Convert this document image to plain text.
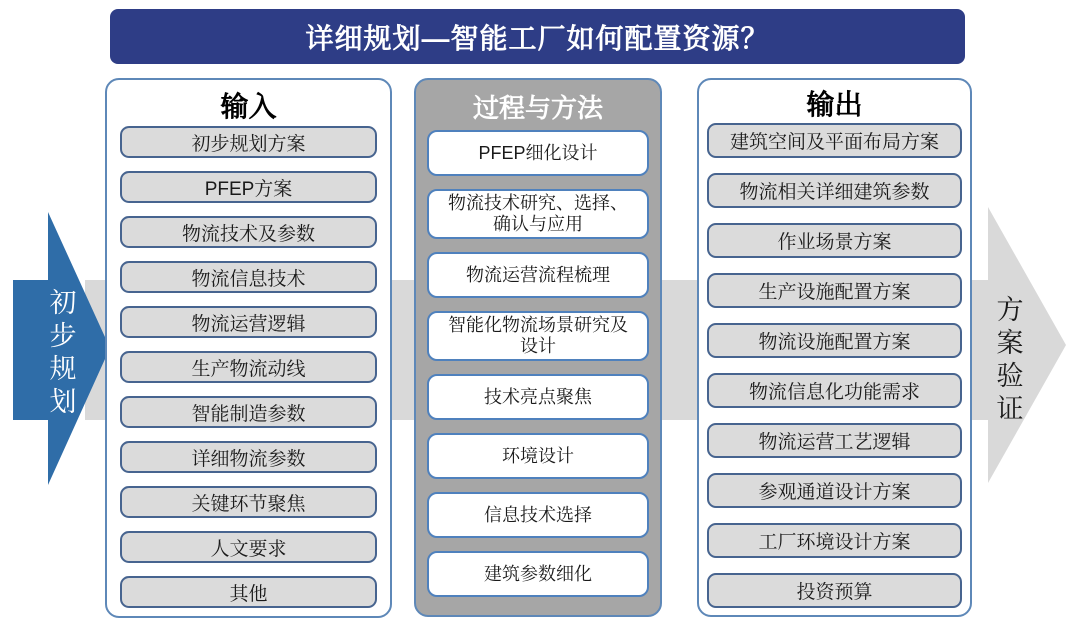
初步规划
方案验证
详细规划—智能工厂如何配置资源？
输入
初步规划方案
PFEP方案
物流技术及参数
物流信息技术
物流运营逻辑
生产物流动线
智能制造参数
详细物流参数
关键环节聚焦
人文要求
其他
过程与方法
PFEP细化设计
物流技术研究、选择、确认与应用
物流运营流程梳理
智能化物流场景研究及设计
技术亮点聚焦
环境设计
信息技术选择
建筑参数细化
输出
建筑空间及平面布局方案
物流相关详细建筑参数
作业场景方案
生产设施配置方案
物流设施配置方案
物流信息化功能需求
物流运营工艺逻辑
参观通道设计方案
工厂环境设计方案
投资预算
